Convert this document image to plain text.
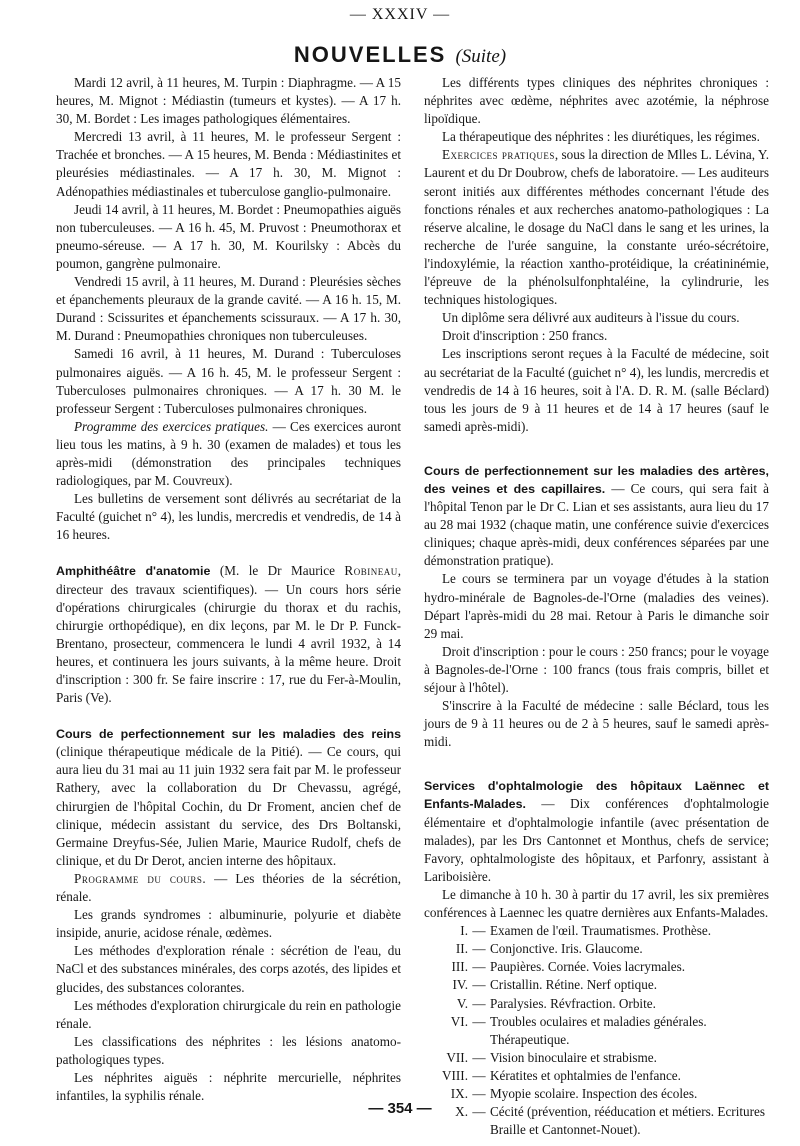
— XXXIV —
NOUVELLES (Suite)

Mardi 12 avril, à 11 heures, M. Turpin : Diaphragme. — A 15 heures, M. Mignot : Médiastin (tumeurs et kystes). — A 17 h. 30, M. Bordet : Les images pathologiques élémentaires.

Mercredi 13 avril, à 11 heures, M. le professeur Sergent : Trachée et bronches. — A 15 heures, M. Benda : Médiastinites et pleurésies médiastinales. — A 17 h. 30, M. Mignot : Adénopathies médiastinales et tuberculose ganglio-pulmonaire.

Jeudi 14 avril, à 11 heures, M. Bordet : Pneumopathies aiguës non tuberculeuses. — A 16 h. 45, M. Pruvost : Pneumothorax et pneumo-séreuse. — A 17 h. 30, M. Kourilsky : Abcès du poumon, gangrène pulmonaire.

Vendredi 15 avril, à 11 heures, M. Durand : Pleurésies sèches et épanchements pleuraux de la grande cavité. — A 16 h. 15, M. Durand : Scissurites et épanchements scissuraux. — A 17 h. 30, M. Durand : Pneumopathies chroniques non tuberculeuses.

Samedi 16 avril, à 11 heures, M. Durand : Tuberculoses pulmonaires aiguës. — A 16 h. 45, M. le professeur Sergent : Tuberculoses pulmonaires chroniques. — A 17 h. 30 M. le professeur Sergent : Tuberculoses pulmonaires chroniques.

Programme des exercices pratiques. — Ces exercices auront lieu tous les matins, à 9 h. 30 (examen de malades) et tous les après-midi (démonstration des principales techniques radiologiques, par M. Couvreux).

Les bulletins de versement sont délivrés au secrétariat de la Faculté (guichet n° 4), les lundis, mercredis et vendredis, de 14 à 16 heures.

Amphithéâtre d'anatomie (M. le Dr Maurice Robineau, directeur des travaux scientifiques). — Un cours hors série d'opérations chirurgicales (chirurgie du thorax et du rachis, chirurgie orthopédique), en dix leçons, par M. le Dr P. Funck-Brentano, prosecteur, commencera le lundi 4 avril 1932, à 14 heures, et continuera les jours suivants, à la même heure. Droit d'inscription : 300 fr. Se faire inscrire : 17, rue du Fer-à-Moulin, Paris (Ve).

Cours de perfectionnement sur les maladies des reins (clinique thérapeutique médicale de la Pitié). — Ce cours, qui aura lieu du 31 mai au 11 juin 1932 sera fait par M. le professeur Rathery, avec la collaboration du Dr Chevassu, agrégé, chirurgien de l'hôpital Cochin, du Dr Froment, ancien chef de clinique, médecin assistant du service, des Drs Boltanski, Germaine Dreyfus-Sée, Julien Marie, Maurice Rudolf, chefs de clinique, et du Dr Derot, ancien interne des hôpitaux.

Programme du cours. — Les théories de la sécrétion, rénale.

Les grands syndromes : albuminurie, polyurie et diabète insipide, anurie, acidose rénale, œdèmes.

Les méthodes d'exploration rénale : sécrétion de l'eau, du NaCl et des substances minérales, des corps azotés, des lipides et glucides, des substances colorantes.

Les méthodes d'exploration chirurgicale du rein en pathologie rénale.

Les classifications des néphrites : les lésions anatomo-pathologiques types.

Les néphrites aiguës : néphrite mercurielle, néphrites infantiles, la syphilis rénale.

Les différents types cliniques des néphrites chroniques : néphrites avec œdème, néphrites avec azotémie, la néphrose lipoïdique.

La thérapeutique des néphrites : les diurétiques, les régimes.

Exercices pratiques, sous la direction de Mlles L. Lévina, Y. Laurent et du Dr Doubrow, chefs de laboratoire. — Les auditeurs seront initiés aux différentes méthodes concernant l'étude des fonctions rénales et aux recherches anatomo-pathologiques : La réserve alcaline, le dosage du NaCl dans le sang et les urines, la recherche de l'urée sanguine, la constante uréo-sécrétoire, l'indoxylémie, la réaction xantho-protéidique, la créatininémie, l'épreuve de la phénolsulfonphtaléine, la cylindrurie, les techniques histologiques.

Un diplôme sera délivré aux auditeurs à l'issue du cours.

Droit d'inscription : 250 francs.

Les inscriptions seront reçues à la Faculté de médecine, soit au secrétariat de la Faculté (guichet n° 4), les lundis, mercredis et vendredis de 14 à 16 heures, soit à l'A. D. R. M. (salle Béclard) tous les jours de 9 à 11 heures et de 14 à 17 heures (sauf le samedi après-midi).

Cours de perfectionnement sur les maladies des artères, des veines et des capillaires. — Ce cours, qui sera fait à l'hôpital Tenon par le Dr C. Lian et ses assistants, aura lieu du 17 au 28 mai 1932 (chaque matin, une conférence suivie d'exercices cliniques; chaque après-midi, deux conférences séparées par une démonstration pratique).

Le cours se terminera par un voyage d'études à la station hydro-minérale de Bagnoles-de-l'Orne (maladies des veines). Départ l'après-midi du 28 mai. Retour à Paris le dimanche soir 29 mai.

Droit d'inscription : pour le cours : 250 francs; pour le voyage à Bagnoles-de-l'Orne : 100 francs (tous frais compris, billet et séjour à l'hôtel).

S'inscrire à la Faculté de médecine : salle Béclard, tous les jours de 9 à 11 heures ou de 2 à 5 heures, sauf le samedi après-midi.

Services d'ophtalmologie des hôpitaux Laënnec et Enfants-Malades. — Dix conférences d'ophtalmologie élémentaire et d'ophtalmologie infantile (avec présentation de malades), par les Drs Cantonnet et Monthus, chefs de service; Favory, ophtalmologiste des hôpitaux, et Parfonry, assistant à Lariboisière.

Le dimanche à 10 h. 30 à partir du 17 avril, les six premières conférences à Laennec les quatre dernières aux Enfants-Malades.

I. — Examen de l'œil. Traumatismes. Prothèse.
II. — Conjonctive. Iris. Glaucome.
III. — Paupières. Cornée. Voies lacrymales.
IV. — Cristallin. Rétine. Nerf optique.
V. — Paralysies. Révfraction. Orbite.
VI. — Troubles oculaires et maladies générales. Thérapeutique.
VII. — Vision binoculaire et strabisme.
VIII. — Kératites et ophtalmies de l'enfance.
IX. — Myopie scolaire. Inspection des écoles.
X. — Cécité (prévention, rééducation et métiers. Ecritures Braille et Cantonnet-Nouet).
— 354 —
